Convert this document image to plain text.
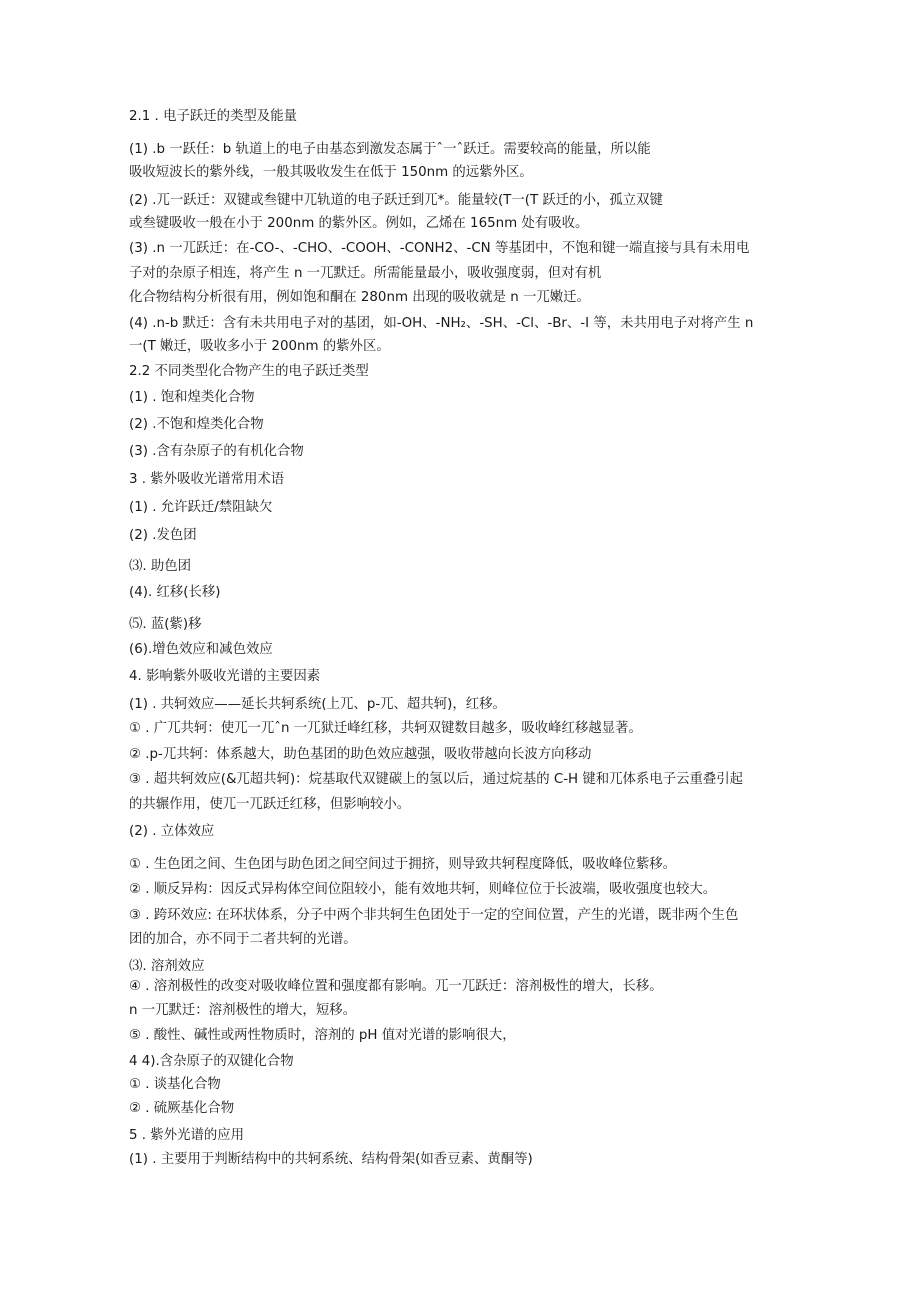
2.1 . 电子跃迁的类型及能量
(1) .b 一跃任：b 轨道上的电子由基态到激发态属于ˆ一ˆ跃迁。需要较高的能量，所以能
吸收短波长的紫外线，一般其吸收发生在低于 150nm 的远紫外区。
(2) .兀一跃迁：双键或叁键中兀轨道的电子跃迁到兀*。能量较(T一(T 跃迁的小，孤立双键
或叁键吸收一般在小于 200nm 的紫外区。例如，乙烯在 165nm 处有吸收。
(3) .n 一兀跃迁：在-CO-、-CHO、-COOH、-CONH2、-CN 等基团中，不饱和键一端直接与具有未用电
子对的杂原子相连，将产生 n 一兀默迁。所需能量最小，吸收强度弱，但对有机
化合物结构分析很有用，例如饱和酮在 280nm 出现的吸收就是 n 一兀嫩迁。
(4) .n-b 默迁：含有未共用电子对的基团，如-OH、-NH₂、-SH、-Cl、-Br、-I 等，未共用电子对将产生 n
一(T 嫩迁，吸收多小于 200nm 的紫外区。
2.2 不同类型化合物产生的电子跃迁类型
(1) . 饱和煌类化合物
(2) .不饱和煌类化合物
(3) .含有杂原子的有机化合物
3 . 紫外吸收光谱常用术语
(1) . 允许跃迁/禁阻缺欠
(2) .发色团
⑶. 助色团
(4). 红移(长移)
⑸. 蓝(紫)移
(6).增色效应和减色效应
4. 影响紫外吸收光谱的主要因素
(1) . 共轲效应——延长共轲系统(上兀、p-兀、超共轲)，红移。
① . 广兀共轲：使兀一兀ˆn 一兀狱迁峰红移，共轲双键数目越多，吸收峰红移越显著。
② .p-兀共轲：体系越大，助色基团的助色效应越强，吸收带越向长波方向移动
③ . 超共轲效应(&兀超共轲)：烷基取代双键碳上的氢以后，通过烷基的 C-H 键和兀体系电子云重叠引起
的共辗作用，使兀一兀跃迁红移，但影响较小。
(2) . 立体效应
① . 生色团之间、生色团与助色团之间空间过于拥挤，则导致共轲程度降低，吸收峰位紫移。
② . 顺反异构：因反式异构体空间位阻较小，能有效地共轲，则峰位位于长波端，吸收强度也较大。
③ . 跨环效应: 在环状体系，分子中两个非共轲生色团处于一定的空间位置，产生的光谱，既非两个生色
团的加合，亦不同于二者共轲的光谱。
⑶. 溶剂效应
④ . 溶剂极性的改变对吸收峰位置和强度都有影响。兀一兀跃迁：溶剂极性的增大，长移。
n 一兀默迁：溶剂极性的增大，短移。
⑤ . 酸性、碱性或两性物质时，溶剂的 pH 值对光谱的影响很大，
4 4).含杂原子的双键化合物
① . 谈基化合物
② . 硫厥基化合物
5 . 紫外光谱的应用
(1) . 主要用于判断结构中的共轲系统、结构骨架(如香豆素、黄酮等)
